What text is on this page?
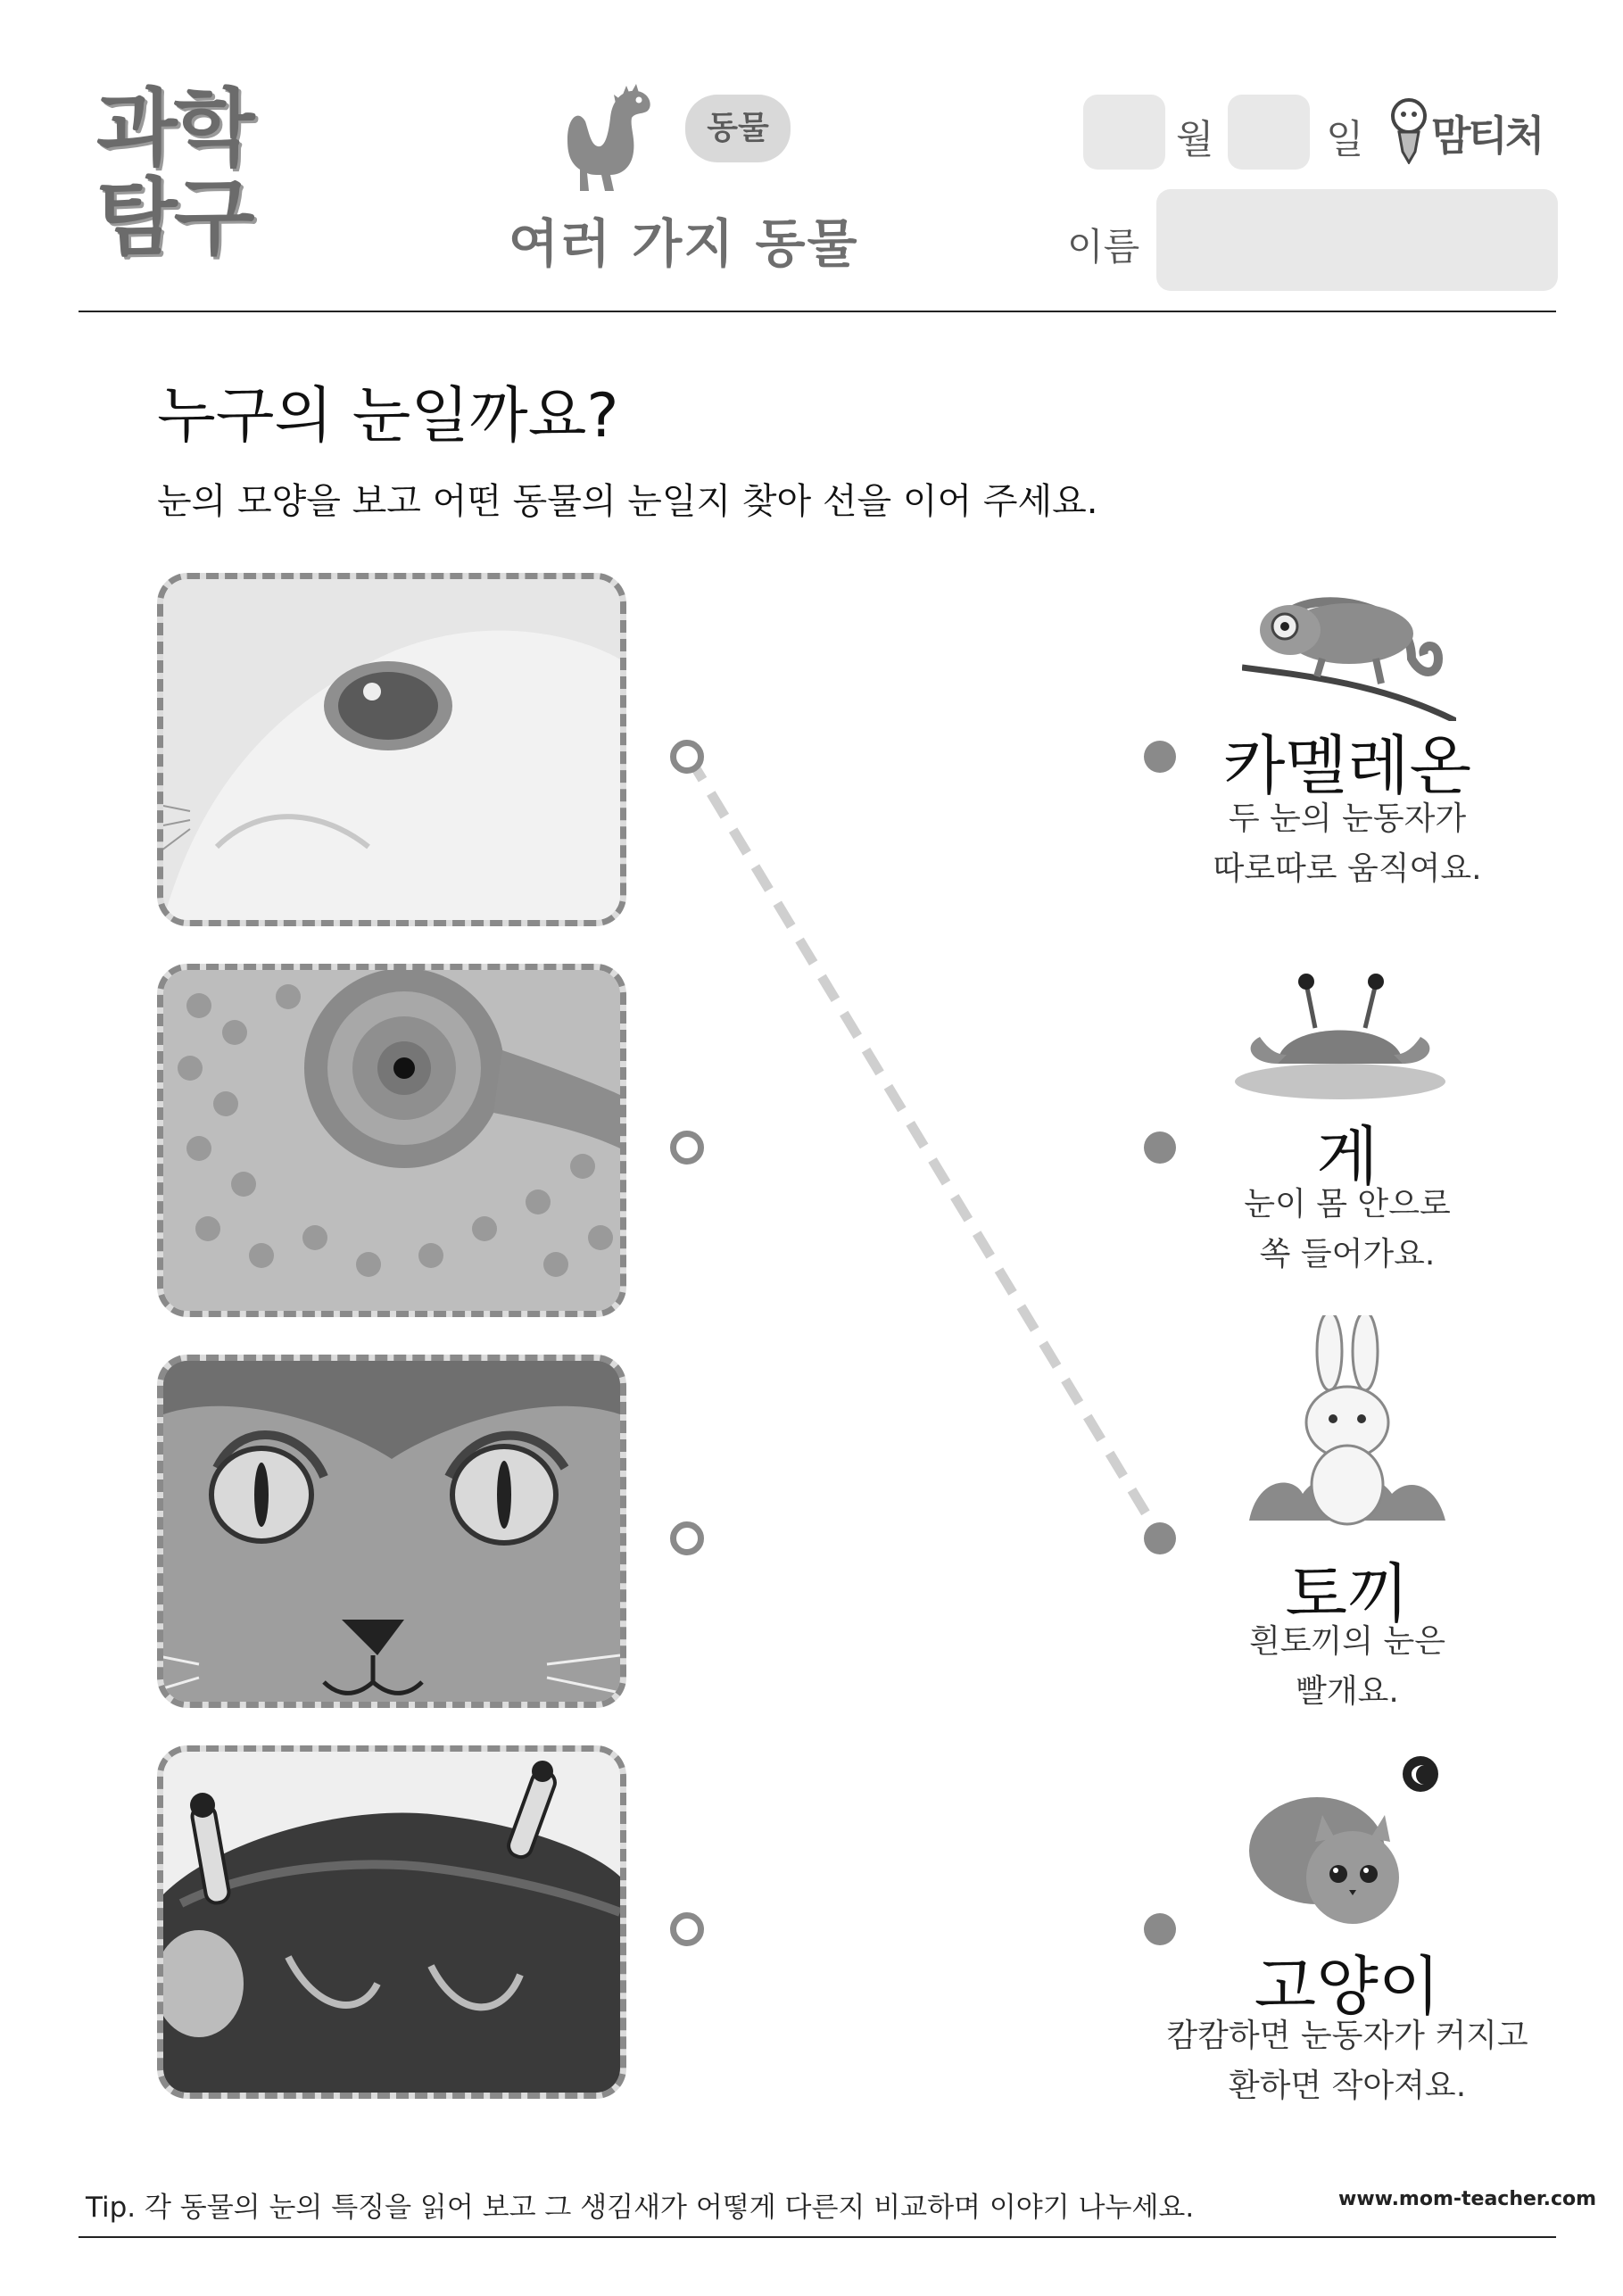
과학
탐구
동물
여러 가지 동물
월	일 맘티처
이름
누구의 눈일까요?
눈의 모양을 보고 어떤 동물의 눈일지 찾아 선을 이어 주세요.
카멜레온
두 눈의 눈동자가
따로따로 움직여요.
게
눈이 몸 안으로
쏙 들어가요.
토끼
흰토끼의 눈은
빨개요.
고양이
캄캄하면 눈동자가 커지고
환하면 작아져요.
Tip. 각 동물의 눈의 특징을 읽어 보고 그 생김새가 어떻게 다른지 비교하며 이야기 나누세요.	www.mom-teacher.com
